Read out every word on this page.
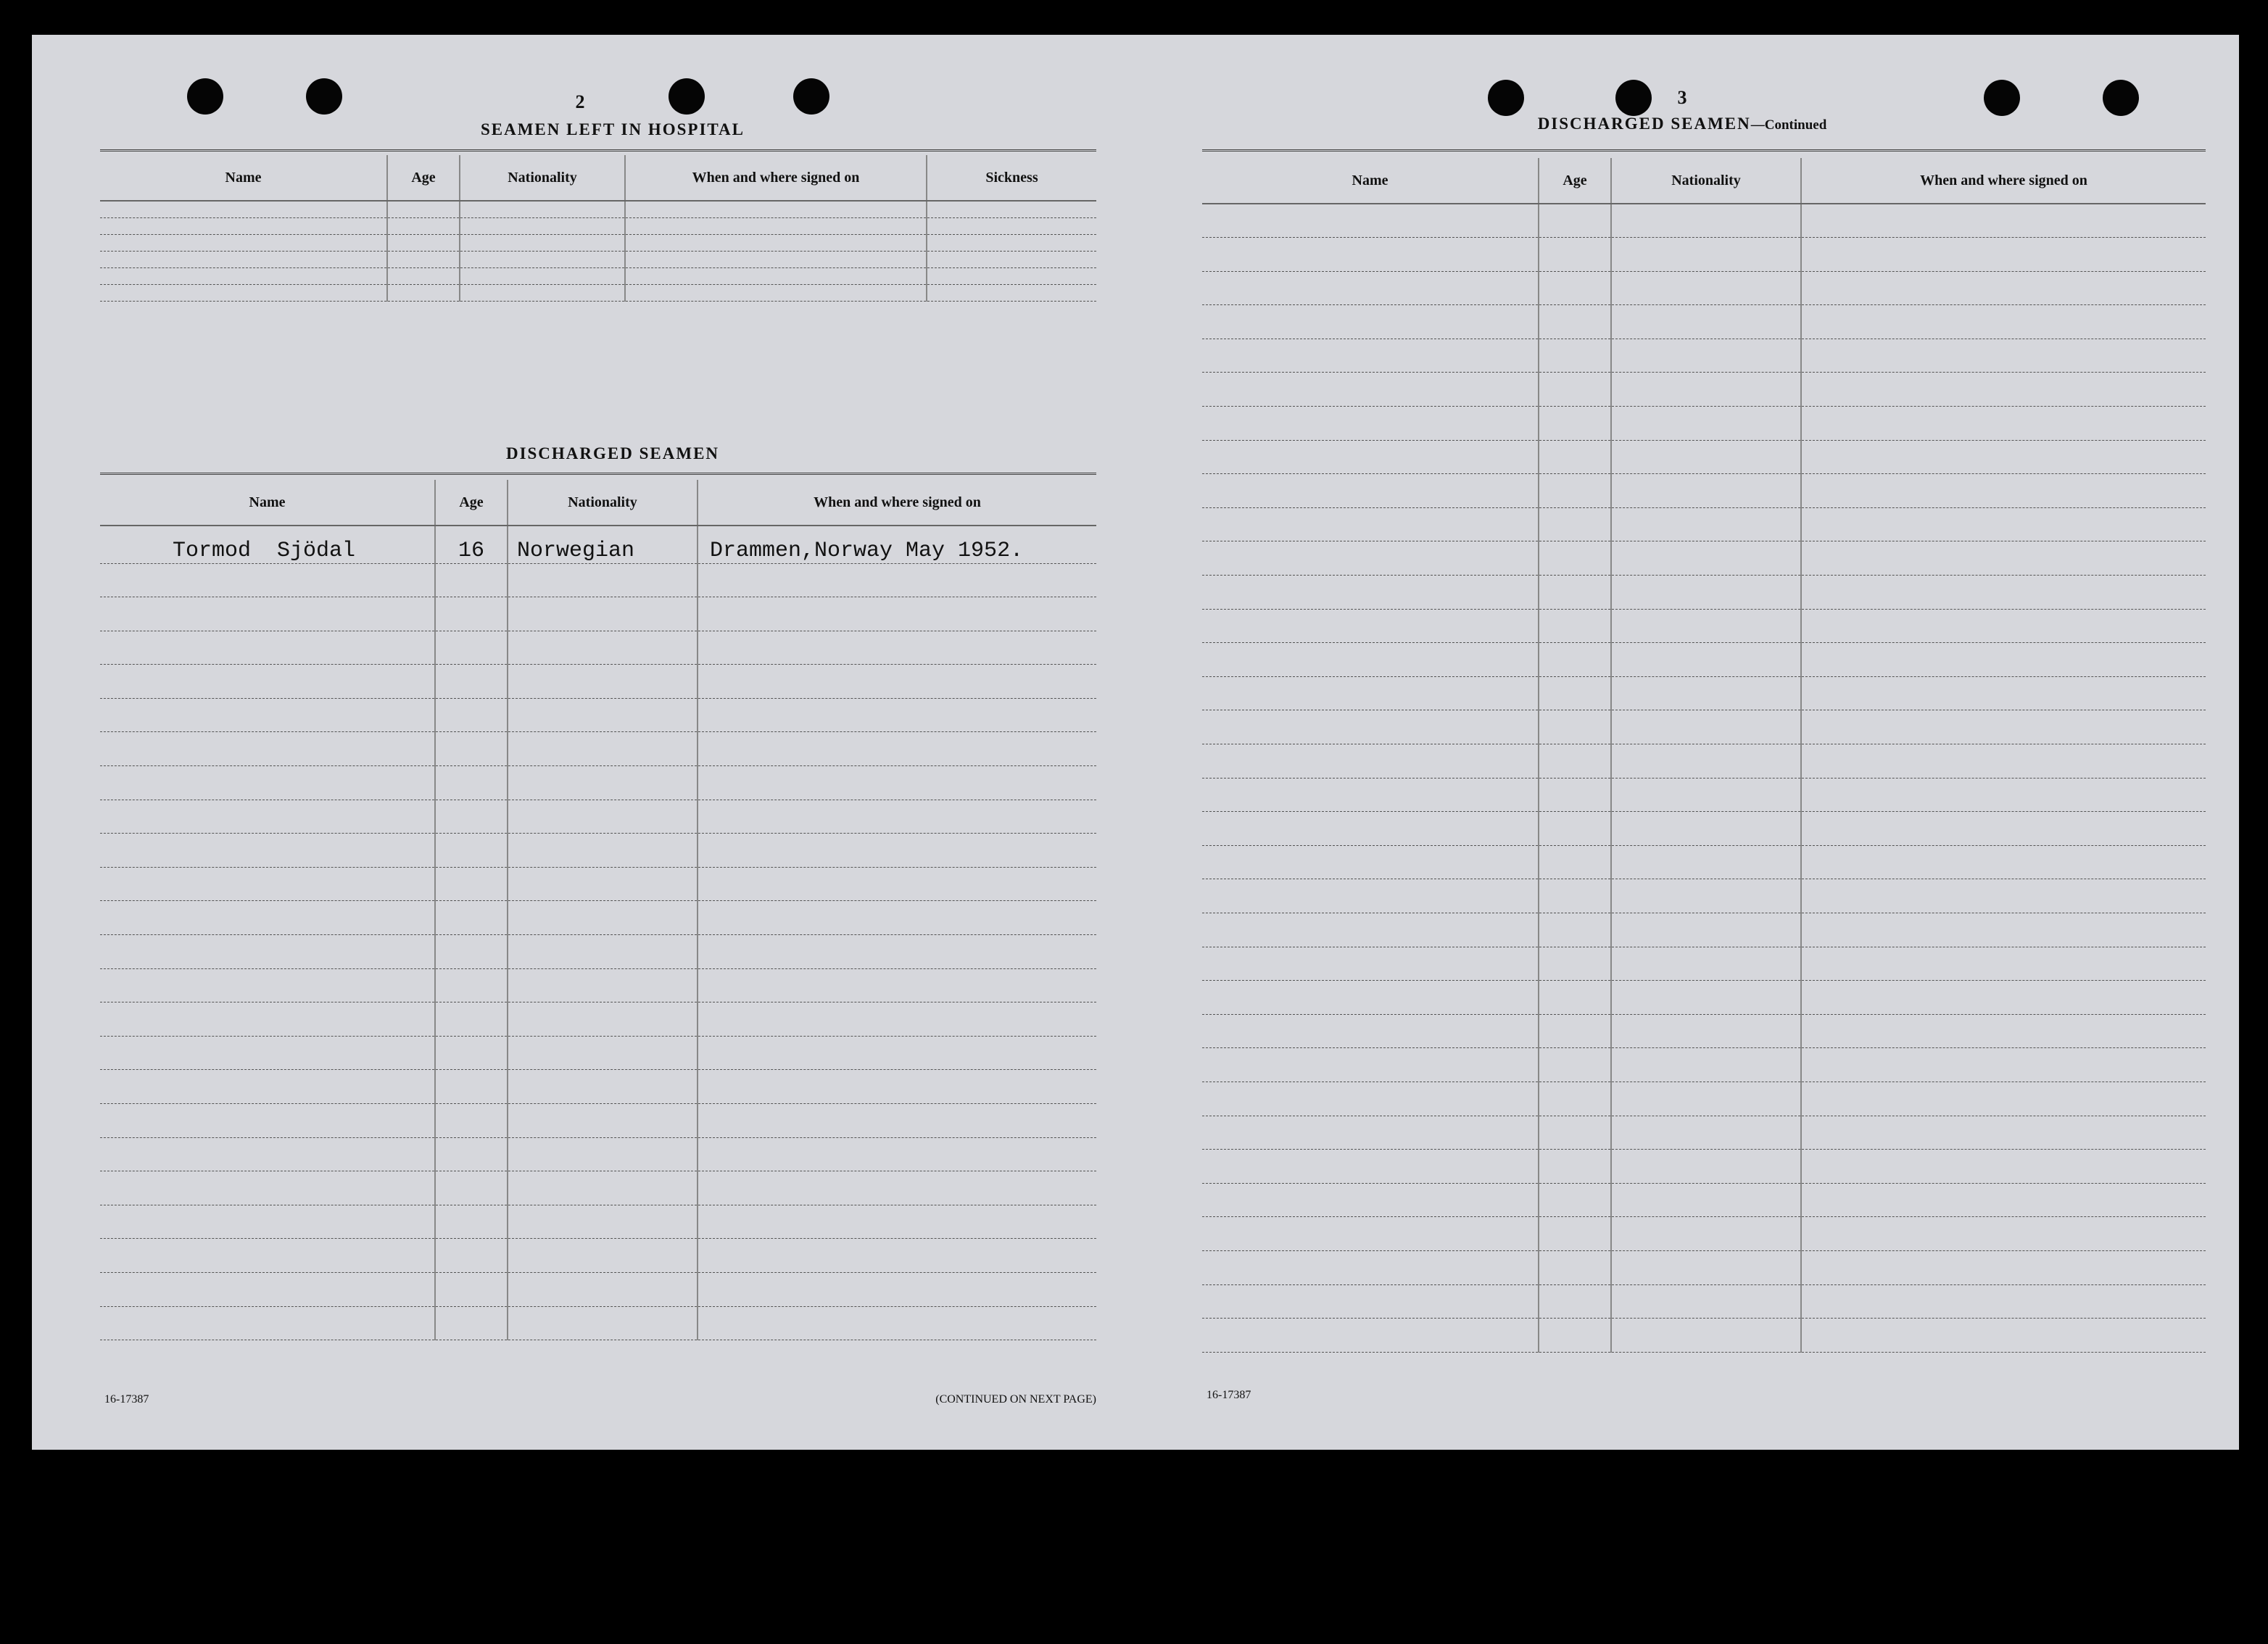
2
SEAMEN LEFT IN HOSPITAL
Name	Age	Nationality	When and where signed on	Sickness

DISCHARGED SEAMEN
Name	Age	Nationality	When and where signed on
Tormod  Sjödal	16	Norwegian	Drammen,Norway May 1952.

16-17387	(CONTINUED ON NEXT PAGE)
3
DISCHARGED SEAMEN—Continued
Name	Age	Nationality	When and where signed on

16-17387
